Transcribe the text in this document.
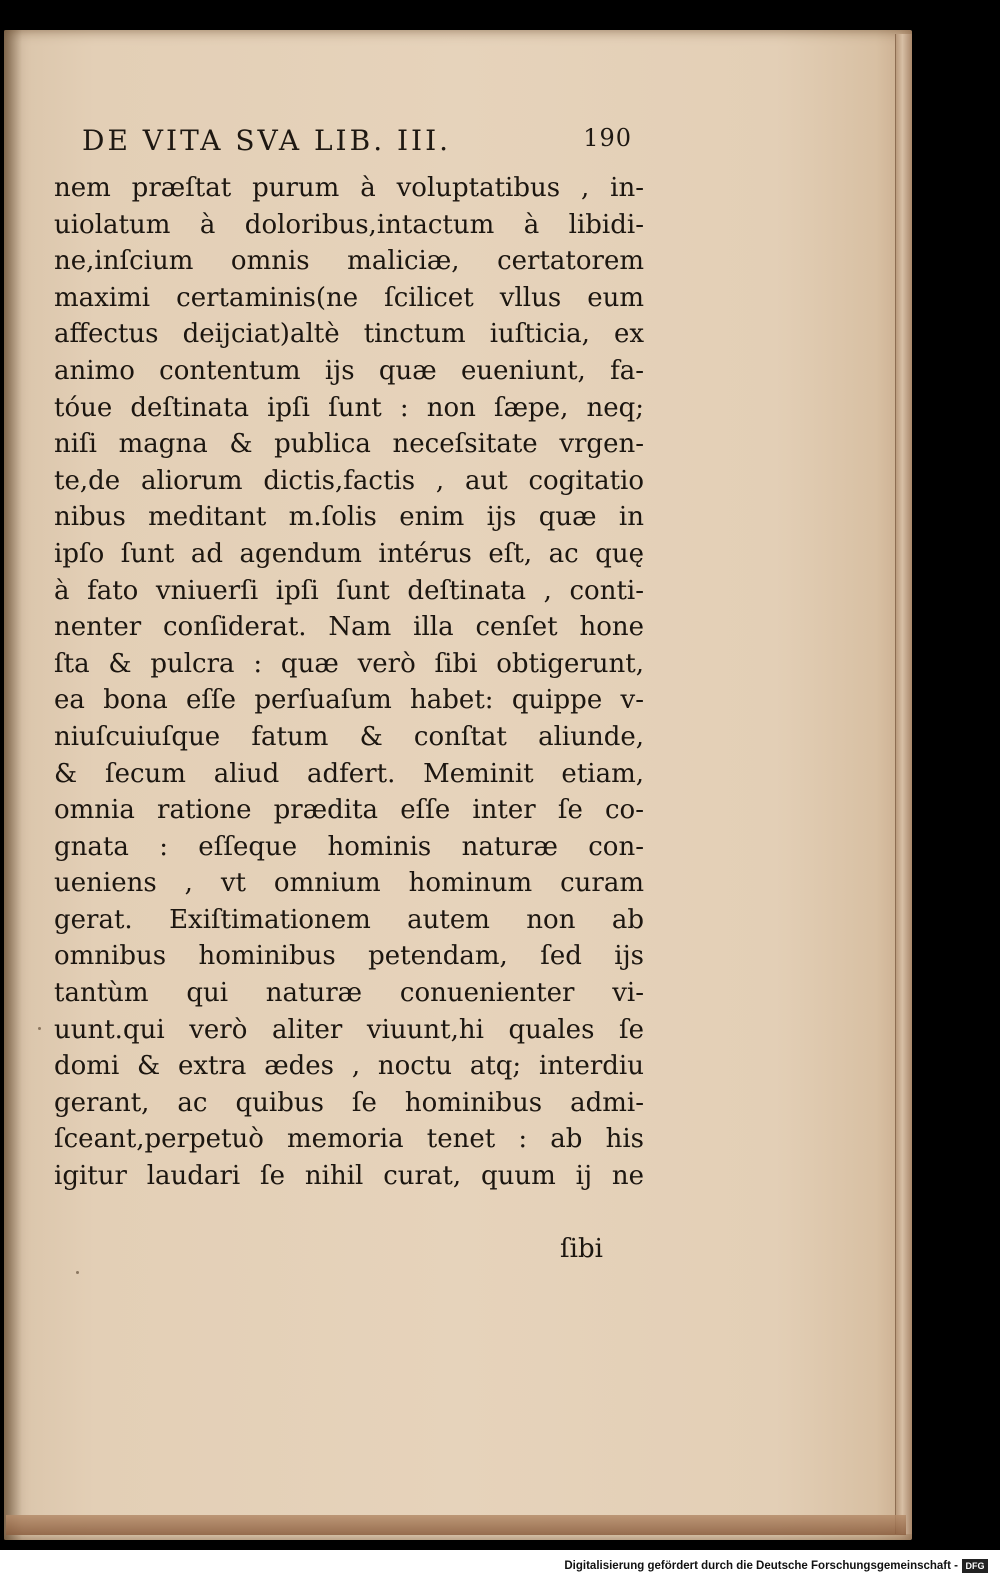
DE VITA SVA LIB. III.	190
nem præſtat purum à voluptatibus , in-
uiolatum à doloribus,intactum à libidi-
ne,inſcium omnis maliciæ, certatorem
maximi certaminis(ne ſcilicet vllus eum
affectus deijciat)altè tinctum iuſticia, ex
animo contentum ijs quæ eueniunt, fa-
tóue deſtinata ipſi ſunt : non ſæpe, neq;
niſi magna & publica neceſsitate vrgen-
te,de aliorum dictis,factis , aut cogitatio
nibus meditant m.ſolis enim ijs quæ in
ipſo ſunt ad agendum intérus eſt, ac quę
à fato vniuerſi ipſi ſunt deſtinata , conti-
nenter conſiderat. Nam illa cenſet hone
ſta & pulcra : quæ verò ſibi obtigerunt,
ea bona eſſe perſuaſum habet: quippe v-
niuſcuiuſque fatum & conſtat aliunde,
& ſecum aliud adfert. Meminit etiam,
omnia ratione prædita eſſe inter ſe co-
gnata : eſſeque hominis naturæ con-
ueniens , vt omnium hominum curam
gerat. Exiſtimationem autem non ab
omnibus hominibus petendam, ſed ijs
tantùm qui naturæ conuenienter vi-
uunt.qui verò aliter viuunt,hi quales ſe
domi & extra ædes , noctu atq; interdiu
gerant, ac quibus ſe hominibus admi-
ſceant,perpetuò memoria tenet : ab his
igitur laudari ſe nihil curat, quum ij ne
ſibi
Digitalisierung gefördert durch die Deutsche Forschungsgemeinschaft - DFG
